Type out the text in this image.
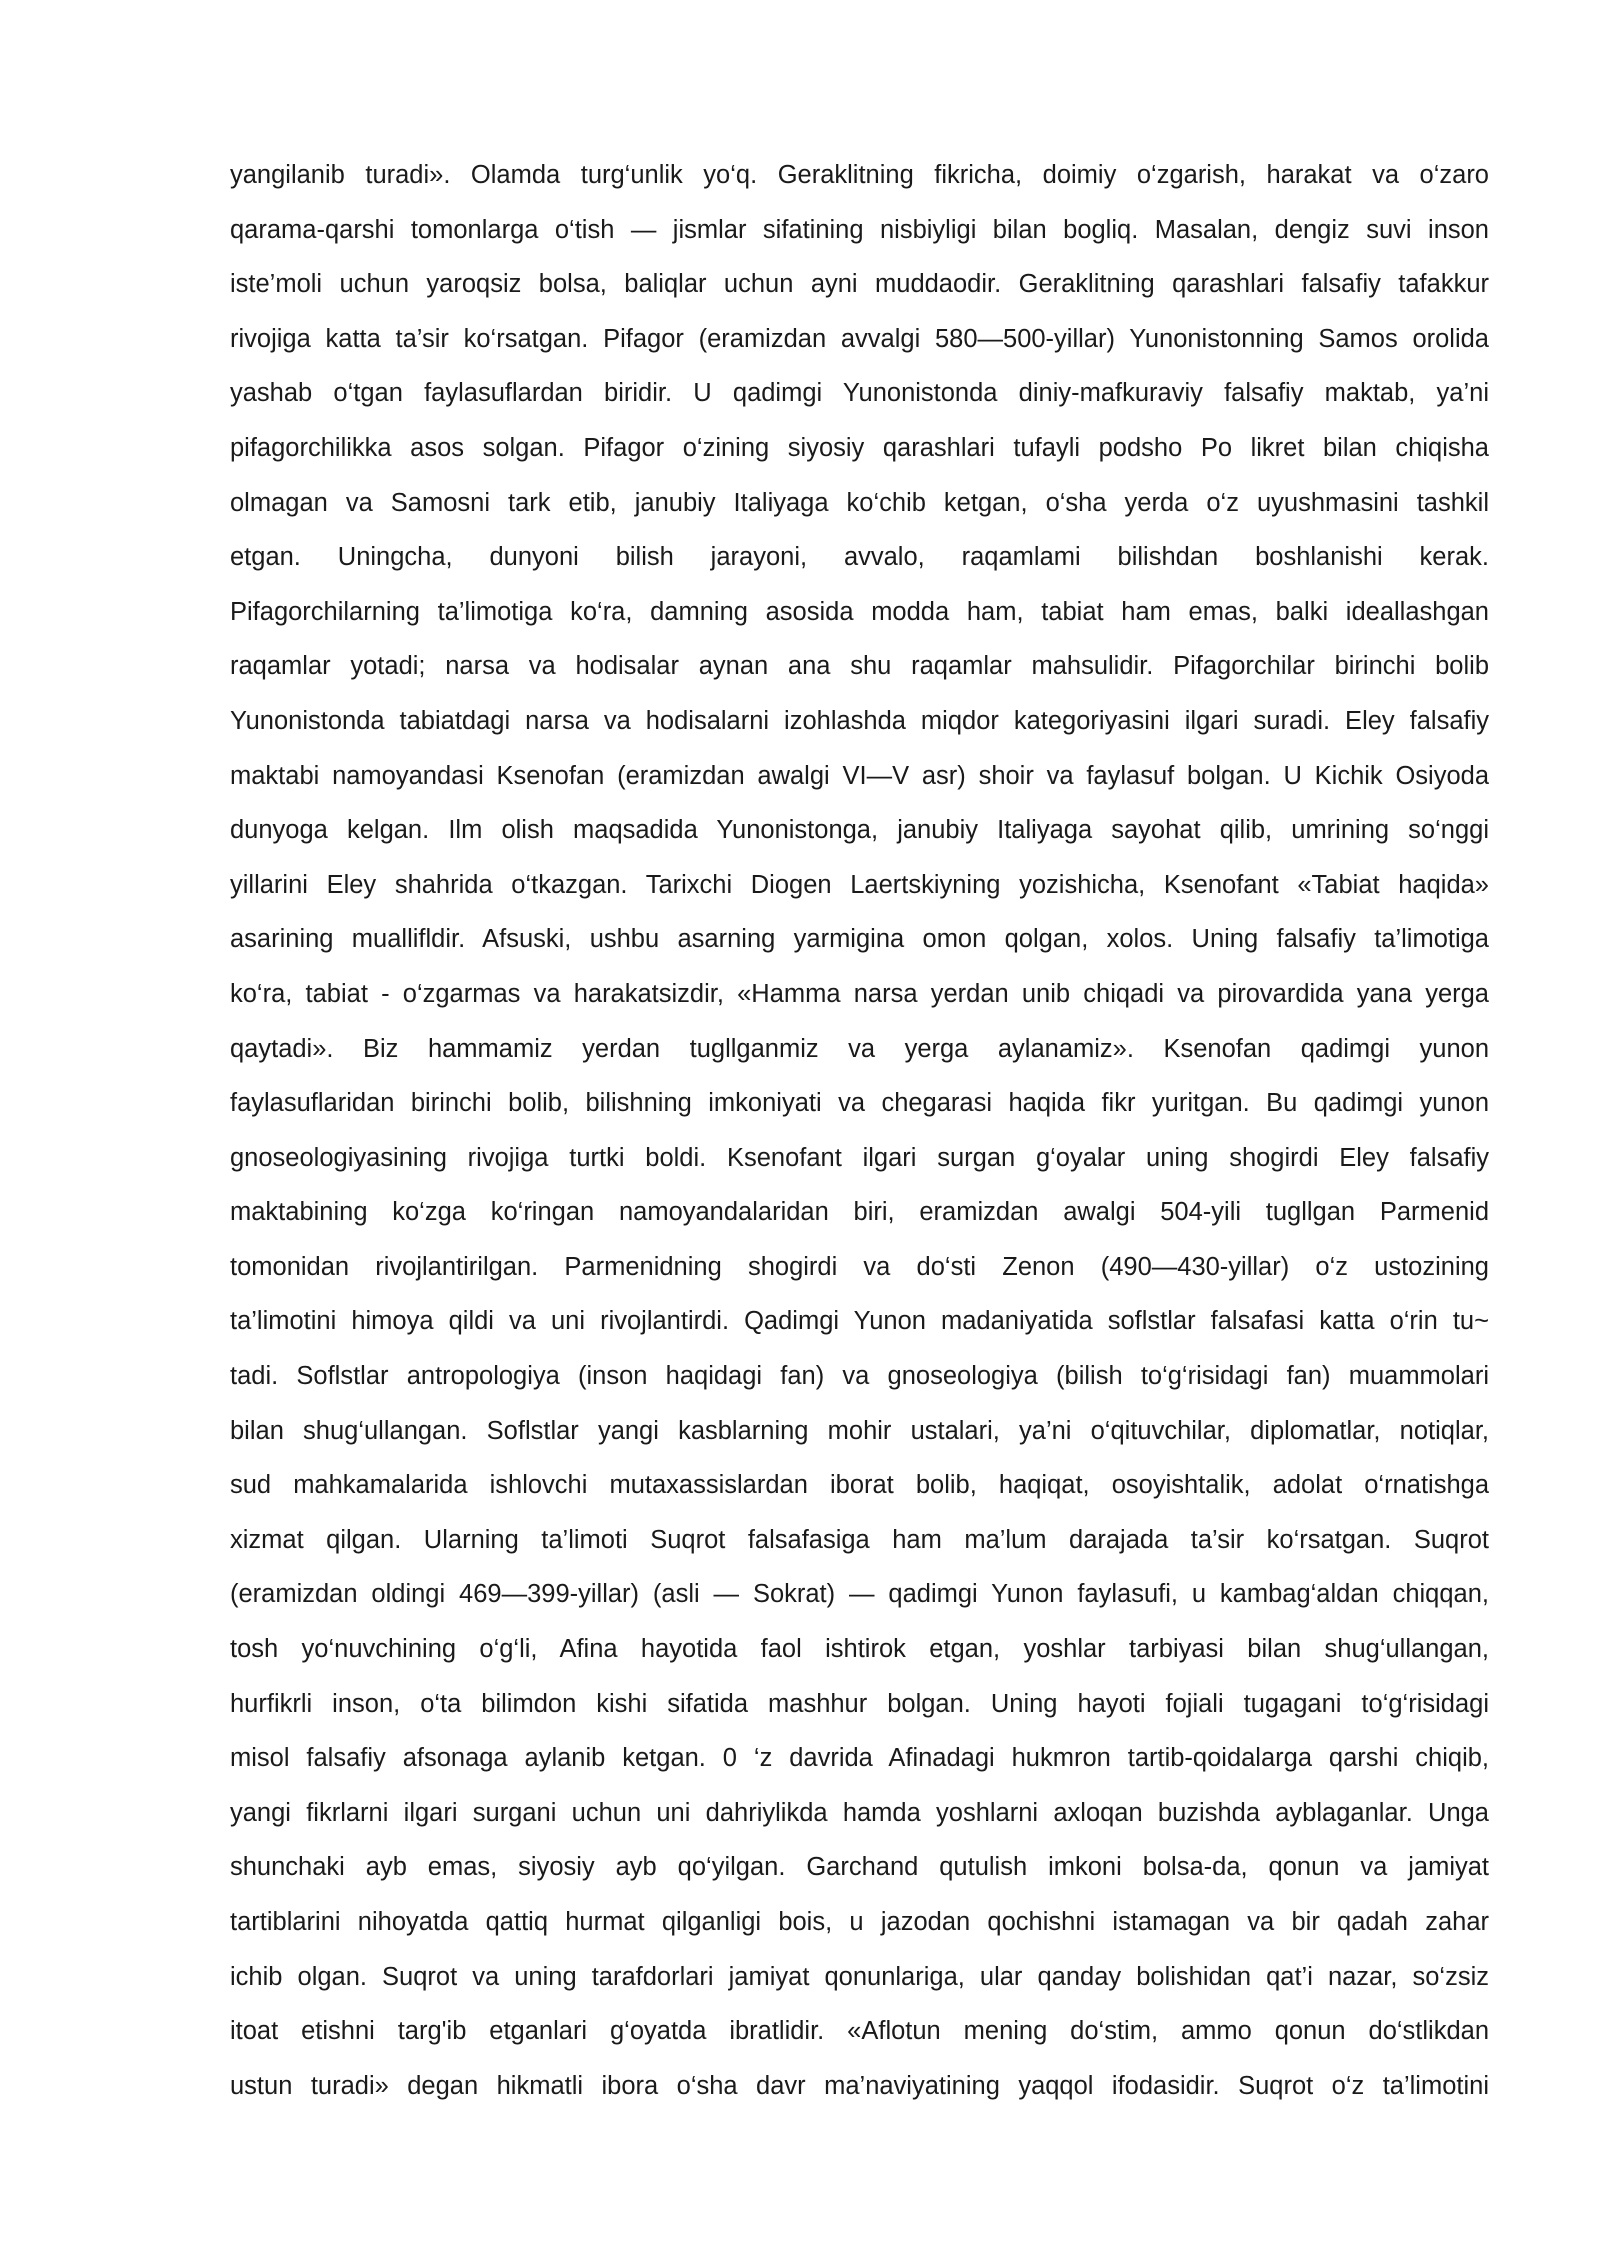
yangilanib turadi». Olamda turg‘unlik yo‘q. Geraklitning fikricha, doimiy o‘zgarish, harakat va o‘zaro
qarama-qarshi tomonlarga o‘tish — jismlar sifatining nisbiyligi bilan bogliq. Masalan, dengiz suvi inson
iste’moli uchun yaroqsiz bolsa, baliqlar uchun ayni muddaodir. Geraklitning qarashlari falsafiy tafakkur
rivojiga katta ta’sir ko‘rsatgan. Pifagor (eramizdan avvalgi 580—500-yillar) Yunonistonning Samos orolida
yashab o‘tgan faylasuflardan biridir. U qadimgi Yunonistonda diniy-mafkuraviy falsafiy maktab, ya’ni
pifagorchilikka asos solgan. Pifagor o‘zining siyosiy qarashlari tufayli podsho Po likret bilan chiqisha
olmagan va Samosni tark etib, janubiy Italiyaga ko‘chib ketgan, o‘sha yerda o‘z uyushmasini tashkil
etgan. Uningcha, dunyoni bilish jarayoni, avvalo, raqamlami bilishdan boshlanishi kerak.
Pifagorchilarning ta’limotiga ko‘ra, damning asosida modda ham, tabiat ham emas, balki ideallashgan
raqamlar yotadi; narsa va hodisalar aynan ana shu raqamlar mahsulidir. Pifagorchilar birinchi bolib
Yunonistonda tabiatdagi narsa va hodisalarni izohlashda miqdor kategoriyasini ilgari suradi. Eley falsafiy
maktabi namoyandasi Ksenofan (eramizdan awalgi VI—V asr) shoir va faylasuf bolgan. U Kichik Osiyoda
dunyoga kelgan. Ilm olish maqsadida Yunonistonga, janubiy Italiyaga sayohat qilib, umrining so‘nggi
yillarini Eley shahrida o‘tkazgan. Tarixchi Diogen Laertskiyning yozishicha, Ksenofant «Tabiat haqida»
asarining muallifldir. Afsuski, ushbu asarning yarmigina omon qolgan, xolos. Uning falsafiy ta’limotiga
ko‘ra, tabiat - o‘zgarmas va harakatsizdir, «Hamma narsa yerdan unib chiqadi va pirovardida yana yerga
qaytadi». Biz hammamiz yerdan tugllganmiz va yerga aylanamiz». Ksenofan qadimgi yunon
faylasuflaridan birinchi bolib, bilishning imkoniyati va chegarasi haqida fikr yuritgan. Bu qadimgi yunon
gnoseologiyasining rivojiga turtki boldi. Ksenofant ilgari surgan g‘oyalar uning shogirdi Eley falsafiy
maktabining ko‘zga ko‘ringan namoyandalaridan biri, eramizdan awalgi 504-yili tugllgan Parmenid
tomonidan rivojlantirilgan. Parmenidning shogirdi va do‘sti Zenon (490—430-yillar) o‘z ustozining
ta’limotini himoya qildi va uni rivojlantirdi. Qadimgi Yunon madaniyatida soflstlar falsafasi katta o‘rin tu~
tadi. Soflstlar antropologiya (inson haqidagi fan) va gnoseologiya (bilish to‘g‘risidagi fan) muammolari
bilan shug‘ullangan. Soflstlar yangi kasblarning mohir ustalari, ya’ni o‘qituvchilar, diplomatlar, notiqlar,
sud mahkamalarida ishlovchi mutaxassislardan iborat bolib, haqiqat, osoyishtalik, adolat o‘rnatishga
xizmat qilgan. Ularning ta’limoti Suqrot falsafasiga ham ma’lum darajada ta’sir ko‘rsatgan. Suqrot
(eramizdan oldingi 469—399-yillar) (asli — Sokrat) — qadimgi Yunon faylasufi, u kambag‘aldan chiqqan,
tosh yo‘nuvchining o‘g‘li, Afina hayotida faol ishtirok etgan, yoshlar tarbiyasi bilan shug‘ullangan,
hurfikrli inson, o‘ta bilimdon kishi sifatida mashhur bolgan. Uning hayoti fojiali tugagani to‘g‘risidagi
misol falsafiy afsonaga aylanib ketgan. 0 ‘z davrida Afinadagi hukmron tartib-qoidalarga qarshi chiqib,
yangi fikrlarni ilgari surgani uchun uni dahriylikda hamda yoshlarni axloqan buzishda ayblaganlar. Unga
shunchaki ayb emas, siyosiy ayb qo‘yilgan. Garchand qutulish imkoni bolsa-da, qonun va jamiyat
tartiblarini nihoyatda qattiq hurmat qilganligi bois, u jazodan qochishni istamagan va bir qadah zahar
ichib olgan. Suqrot va uning tarafdorlari jamiyat qonunlariga, ular qanday bolishidan qat’i nazar, so‘zsiz
itoat etishni targ'ib etganlari g‘oyatda ibratlidir. «Aflotun mening do‘stim, ammo qonun do‘stlikdan
ustun turadi» degan hikmatli ibora o‘sha davr ma’naviyatining yaqqol ifodasidir. Suqrot o‘z ta’limotini
